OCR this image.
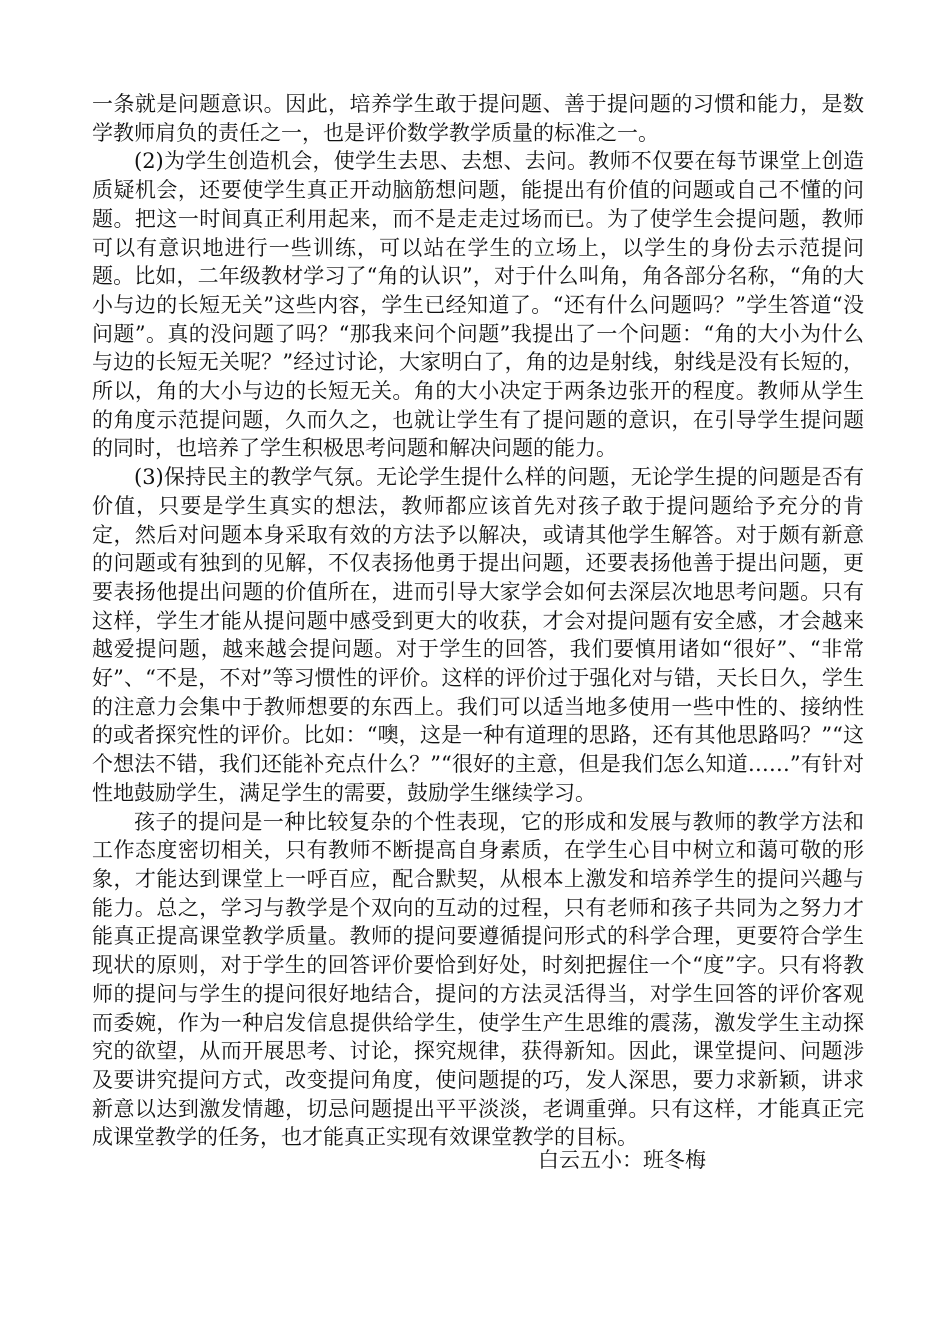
一条就是问题意识。因此，培养学生敢于提问题、善于提问题的习惯和能力，是数学教师肩负的责任之一，也是评价数学教学质量的标准之一。

(2)为学生创造机会，使学生去思、去想、去问。教师不仅要在每节课堂上创造质疑机会，还要使学生真正开动脑筋想问题，能提出有价值的问题或自己不懂的问题。把这一时间真正利用起来，而不是走走过场而已。为了使学生会提问题，教师可以有意识地进行一些训练，可以站在学生的立场上，以学生的身份去示范提问题。比如，二年级教材学习了“角的认识”，对于什么叫角，角各部分名称，“角的大小与边的长短无关”这些内容，学生已经知道了。“还有什么问题吗？”学生答道“没问题”。真的没问题了吗？“那我来问个问题”我提出了一个问题：“角的大小为什么与边的长短无关呢？”经过讨论，大家明白了，角的边是射线，射线是没有长短的，所以，角的大小与边的长短无关。角的大小决定于两条边张开的程度。教师从学生的角度示范提问题，久而久之，也就让学生有了提问题的意识，在引导学生提问题的同时，也培养了学生积极思考问题和解决问题的能力。

(3)保持民主的教学气氛。无论学生提什么样的问题，无论学生提的问题是否有价值，只要是学生真实的想法，教师都应该首先对孩子敢于提问题给予充分的肯定，然后对问题本身采取有效的方法予以解决，或请其他学生解答。对于颇有新意的问题或有独到的见解，不仅表扬他勇于提出问题，还要表扬他善于提出问题，更要表扬他提出问题的价值所在，进而引导大家学会如何去深层次地思考问题。只有这样，学生才能从提问题中感受到更大的收获，才会对提问题有安全感，才会越来越爱提问题，越来越会提问题。对于学生的回答，我们要慎用诸如“很好”、“非常好”、“不是，不对”等习惯性的评价。这样的评价过于强化对与错，天长日久，学生的注意力会集中于教师想要的东西上。我们可以适当地多使用一些中性的、接纳性的或者探究性的评价。比如：“噢，这是一种有道理的思路，还有其他思路吗？”“这个想法不错，我们还能补充点什么？”“很好的主意，但是我们怎么知道……”有针对性地鼓励学生，满足学生的需要，鼓励学生继续学习。

孩子的提问是一种比较复杂的个性表现，它的形成和发展与教师的教学方法和工作态度密切相关，只有教师不断提高自身素质，在学生心目中树立和蔼可敬的形象，才能达到课堂上一呼百应，配合默契，从根本上激发和培养学生的提问兴趣与能力。总之，学习与教学是个双向的互动的过程，只有老师和孩子共同为之努力才能真正提高课堂教学质量。教师的提问要遵循提问形式的科学合理，更要符合学生现状的原则，对于学生的回答评价要恰到好处，时刻把握住一个“度”字。只有将教师的提问与学生的提问很好地结合，提问的方法灵活得当，对学生回答的评价客观而委婉，作为一种启发信息提供给学生，使学生产生思维的震荡，激发学生主动探究的欲望，从而开展思考、讨论，探究规律，获得新知。因此，课堂提问、问题涉及要讲究提问方式，改变提问角度，使问题提的巧，发人深思，要力求新颖，讲求新意以达到激发情趣，切忌问题提出平平淡淡，老调重弹。只有这样，才能真正完成课堂教学的任务，也才能真正实现有效课堂教学的目标。

白云五小：班冬梅
